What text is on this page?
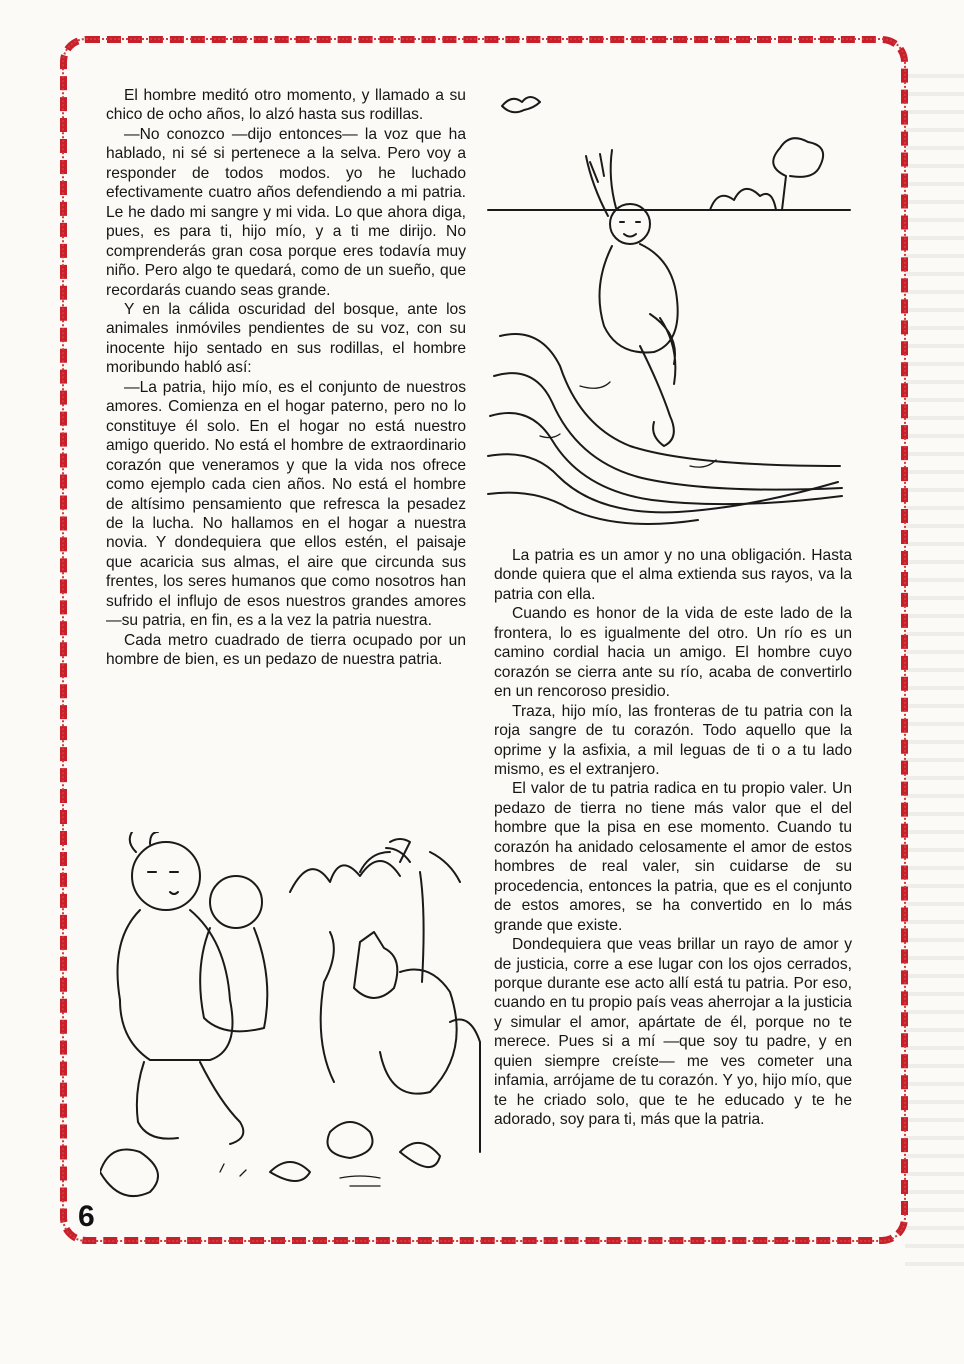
El hombre meditó otro momento, y llamado a su chico de ocho años, lo alzó hasta sus rodillas.

—No conozco —dijo entonces— la voz que ha hablado, ni sé si pertenece a la selva. Pero voy a responder de todos modos. yo he luchado efectivamente cuatro años defendiendo a mi patria. Le he dado mi sangre y mi vida. Lo que ahora diga, pues, es para ti, hijo mío, y a ti me dirijo. No comprenderás gran cosa porque eres todavía muy niño. Pero algo te quedará, como de un sueño, que recordarás cuando seas grande.

Y en la cálida oscuridad del bosque, ante los animales inmóviles pendientes de su voz, con su inocente hijo sentado en sus rodillas, el hombre moribundo habló así:

—La patria, hijo mío, es el conjunto de nuestros amores. Comienza en el hogar paterno, pero no lo constituye él solo. En el hogar no está nuestro amigo querido. No está el hombre de extraordinario corazón que veneramos y que la vida nos ofrece como ejemplo cada cien años. No está el hombre de altísimo pensamiento que refresca la pesadez de la lucha. No hallamos en el hogar a nuestra novia. Y dondequiera que ellos estén, el paisaje que acaricia sus almas, el aire que circunda sus frentes, los seres humanos que como nosotros han sufrido el influjo de esos nuestros grandes amores —su patria, en fin, es a la vez la patria nuestra.

Cada metro cuadrado de tierra ocupado por un hombre de bien, es un pedazo de nuestra patria.

La patria es un amor y no una obligación. Hasta donde quiera que el alma extienda sus rayos, va la patria con ella.

Cuando es honor de la vida de este lado de la frontera, lo es igualmente del otro. Un río es un camino cordial hacia un amigo. El hombre cuyo corazón se cierra ante su río, acaba de convertirlo en un rencoroso presidio.

Traza, hijo mío, las fronteras de tu patria con la roja sangre de tu corazón. Todo aquello que la oprime y la asfixia, a mil leguas de ti o a tu lado mismo, es el extranjero.

El valor de tu patria radica en tu propio valer. Un pedazo de tierra no tiene más valor que el del hombre que la pisa en ese momento. Cuando tu corazón ha anidado celosamente el amor de estos hombres de real valer, sin cuidarse de su procedencia, entonces la patria, que es el conjunto de estos amores, se ha convertido en lo más grande que existe.

Dondequiera que veas brillar un rayo de amor y de justicia, corre a ese lugar con los ojos cerrados, porque durante ese acto allí está tu patria. Por eso, cuando en tu propio país veas aherrojar a la justicia y simular el amor, apártate de él, porque no te merece. Pues si a mí —que soy tu padre, y en quien siempre creíste— me ves cometer una infamia, arrójame de tu corazón. Y yo, hijo mío, que te he criado solo, que te he educado y te he adorado, soy para ti, más que la patria.

6
